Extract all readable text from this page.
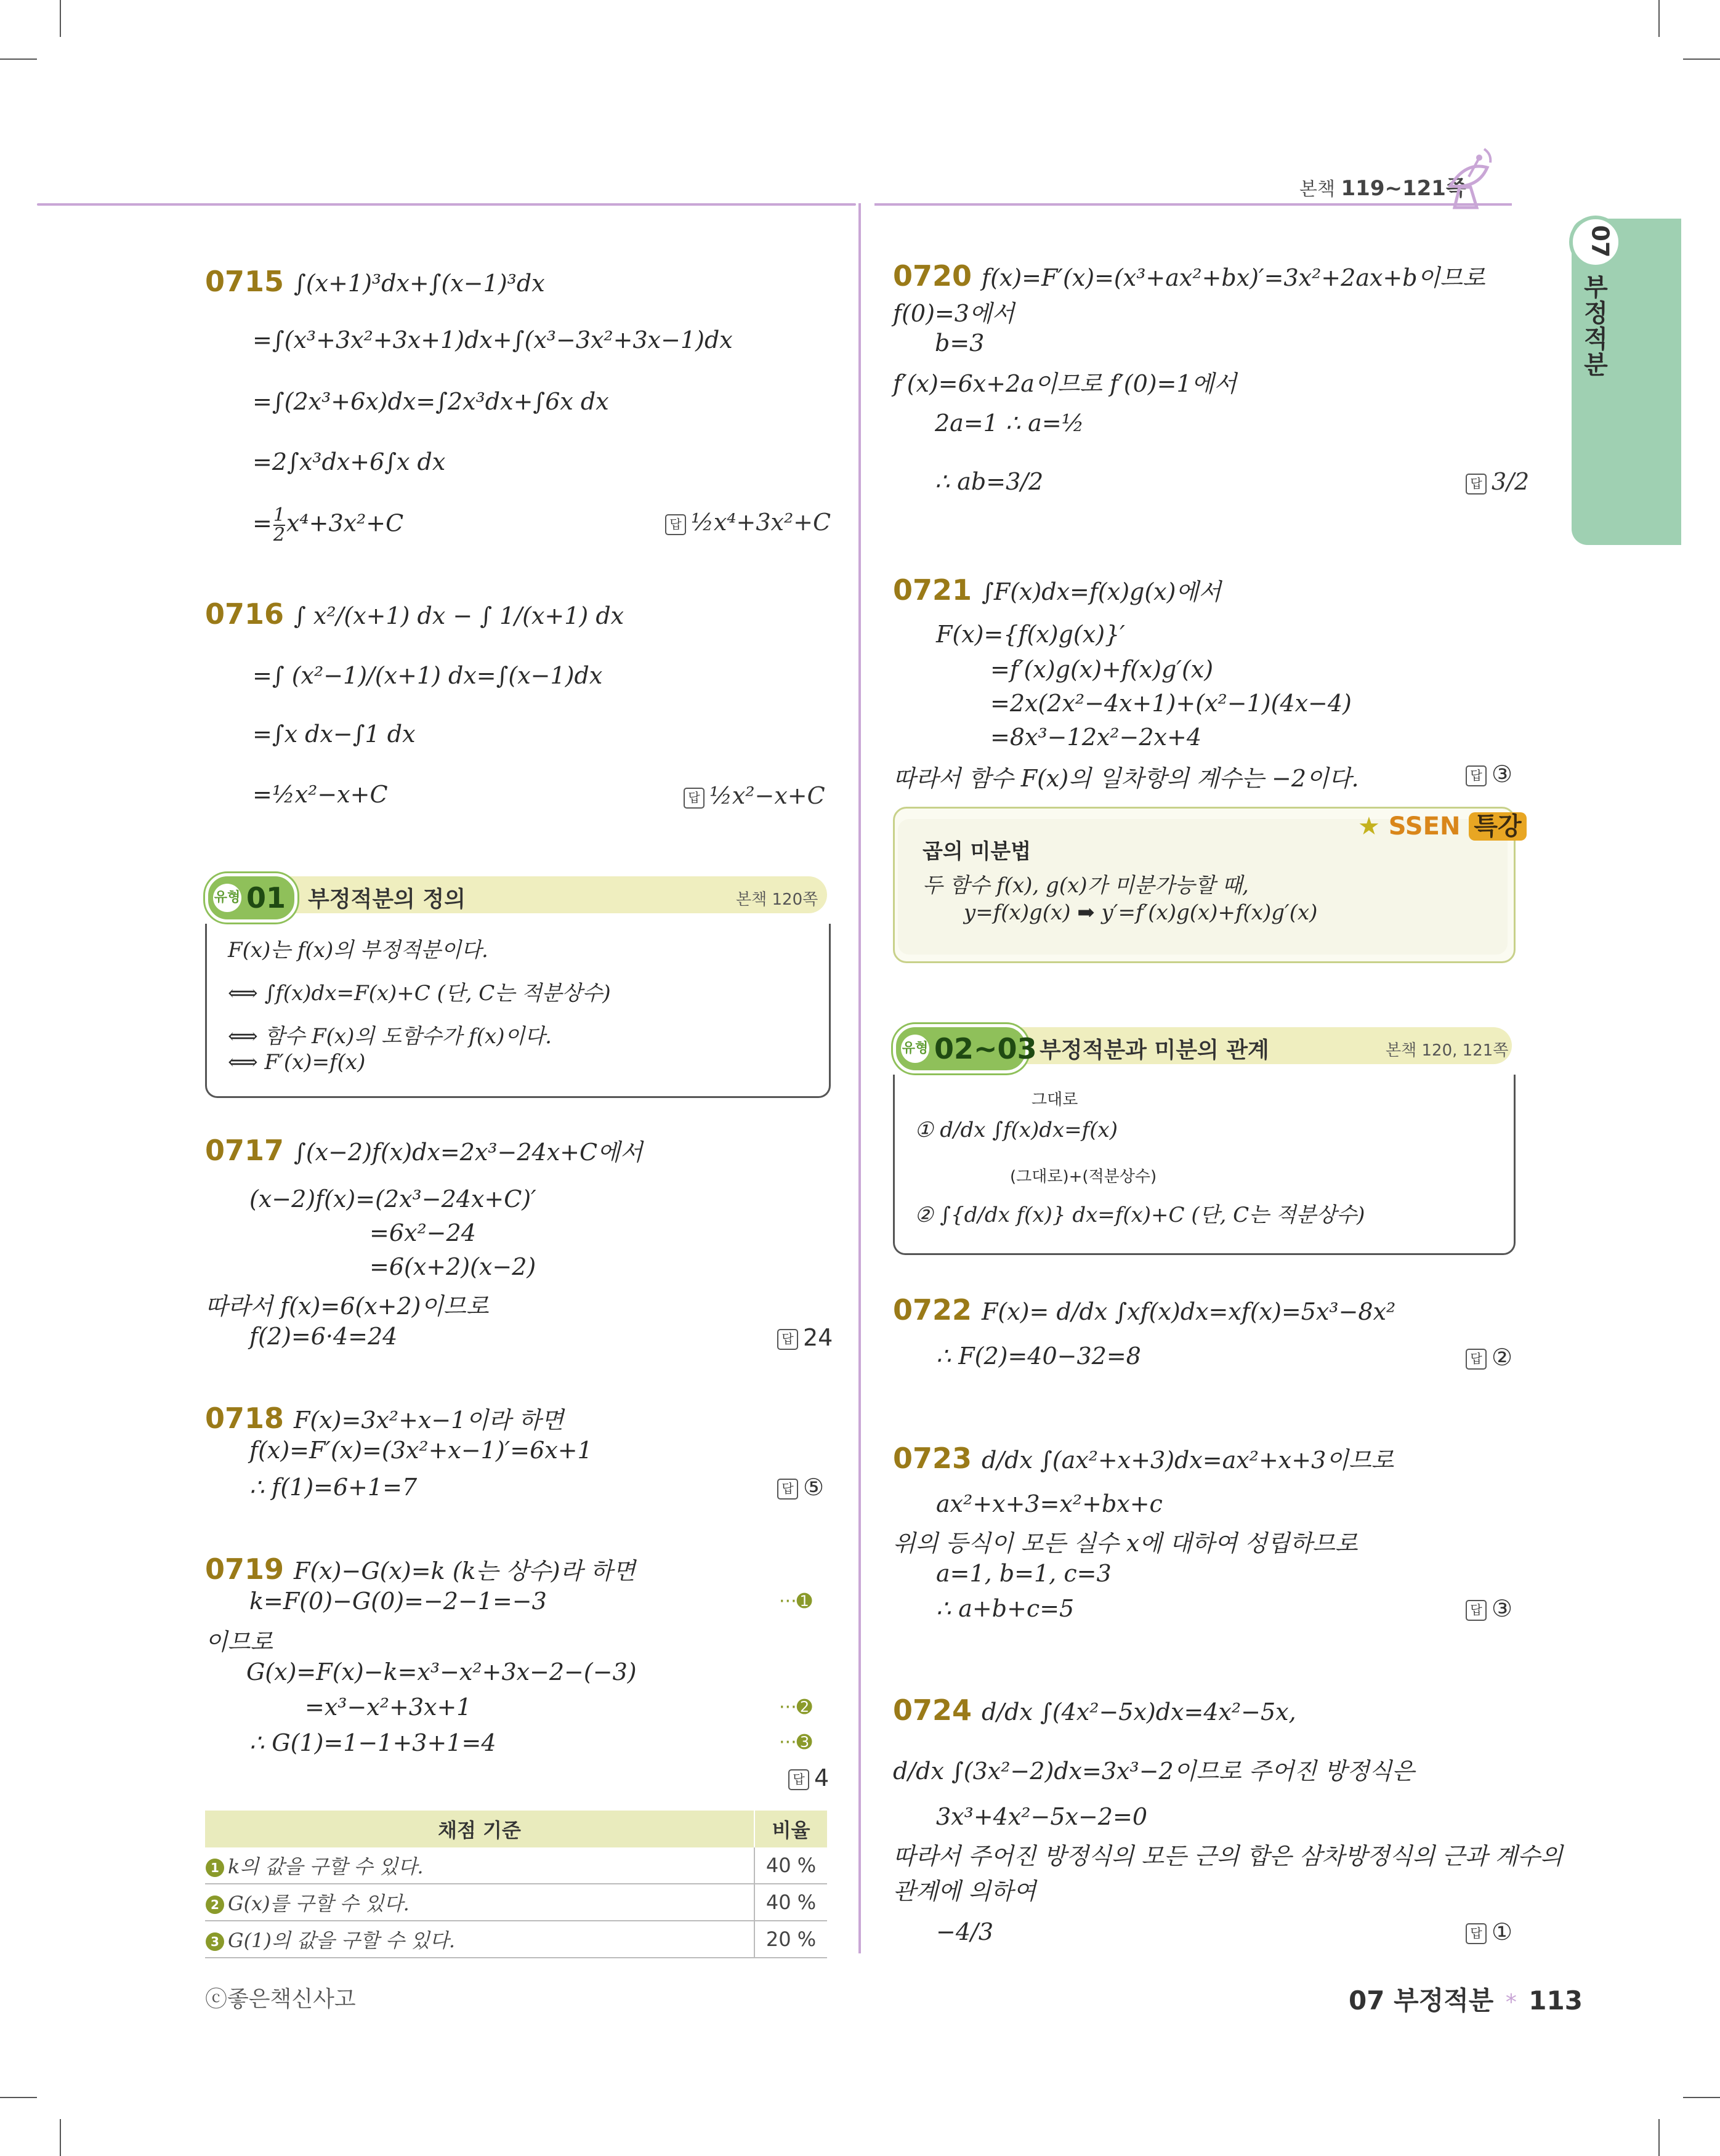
본책 119~121쪽
07
부정적분
0715 ∫(x+1)³dx+∫(x−1)³dx
=∫(x³+3x²+3x+1)dx+∫(x³−3x²+3x−1)dx
=∫(2x³+6x)dx=∫2x³dx+∫6x dx
=2∫x³dx+6∫x dx
= $\frac{1}{2} x^4+3x^2+C$	답 ½x⁴+3x²+C
0716 ∫ x²/(x+1) dx − ∫ 1/(x+1) dx
=∫ (x²−1)/(x+1) dx=∫(x−1)dx
=∫x dx−∫1 dx
=½x²−x+C	답 ½x²−x+C
유형 01 부정적분의 정의	본책 120쪽
F(x)는 f(x)의 부정적분이다.
⟺ ∫f(x)dx=F(x)+C (단, C는 적분상수)
⟺ 함수 F(x)의 도함수가 f(x)이다.
⟺ F′(x)=f(x)
0717 ∫(x−2)f(x)dx=2x³−24x+C에서
(x−2)f(x)=(2x³−24x+C)′
=6x²−24
=6(x+2)(x−2)
따라서 f(x)=6(x+2)이므로
f(2)=6·4=24	답 24
0718 F(x)=3x²+x−1이라 하면
f(x)=F′(x)=(3x²+x−1)′=6x+1
∴ f(1)=6+1=7	답 ⑤
0719 F(x)−G(x)=k (k는 상수)라 하면
k=F(0)−G(0)=−2−1=−3	···➊
이므로
G(x)=F(x)−k=x³−x²+3x−2−(−3)
=x³−x²+3x+1	···➋
∴ G(1)=1−1+3+1=4	···➌
답 4
채점 기준	비율
1 k의 값을 구할 수 있다.	40 %
2 G(x)를 구할 수 있다.	40 %
3 G(1)의 값을 구할 수 있다.	20 %
0720 f(x)=F′(x)=(x³+ax²+bx)′=3x²+2ax+b이므로
f(0)=3에서
b=3
f′(x)=6x+2a이므로 f′(0)=1에서
2a=1 ∴ a=½
∴ ab=3/2	답 3/2
0721 ∫F(x)dx=f(x)g(x)에서
F(x)={f(x)g(x)}′
=f′(x)g(x)+f(x)g′(x)
=2x(2x²−4x+1)+(x²−1)(4x−4)
=8x³−12x²−2x+4
따라서 함수 F(x)의 일차항의 계수는 −2이다.	답 ③
★ SSEN 특강
곱의 미분법
두 함수 f(x), g(x)가 미분가능할 때,
y=f(x)g(x) ➡ y′=f′(x)g(x)+f(x)g′(x)
유형 02~03 부정적분과 미분의 관계	본책 120, 121쪽
그대로
① d/dx ∫f(x)dx=f(x)
(그대로)+(적분상수)
② ∫{d/dx f(x)} dx=f(x)+C (단, C는 적분상수)
0722 F(x)= d/dx ∫xf(x)dx=xf(x)=5x³−8x²
∴ F(2)=40−32=8	답 ②
0723 d/dx ∫(ax²+x+3)dx=ax²+x+3이므로
ax²+x+3=x²+bx+c
위의 등식이 모든 실수 x에 대하여 성립하므로
a=1, b=1, c=3
∴ a+b+c=5	답 ③
0724 d/dx ∫(4x²−5x)dx=4x²−5x,
d/dx ∫(3x²−2)dx=3x³−2이므로 주어진 방정식은
3x³+4x²−5x−2=0
따라서 주어진 방정식의 모든 근의 합은 삼차방정식의 근과 계수의
관계에 의하여
−4/3	답 ①
ⓒ좋은책신사고	07 부정적분 * 113
